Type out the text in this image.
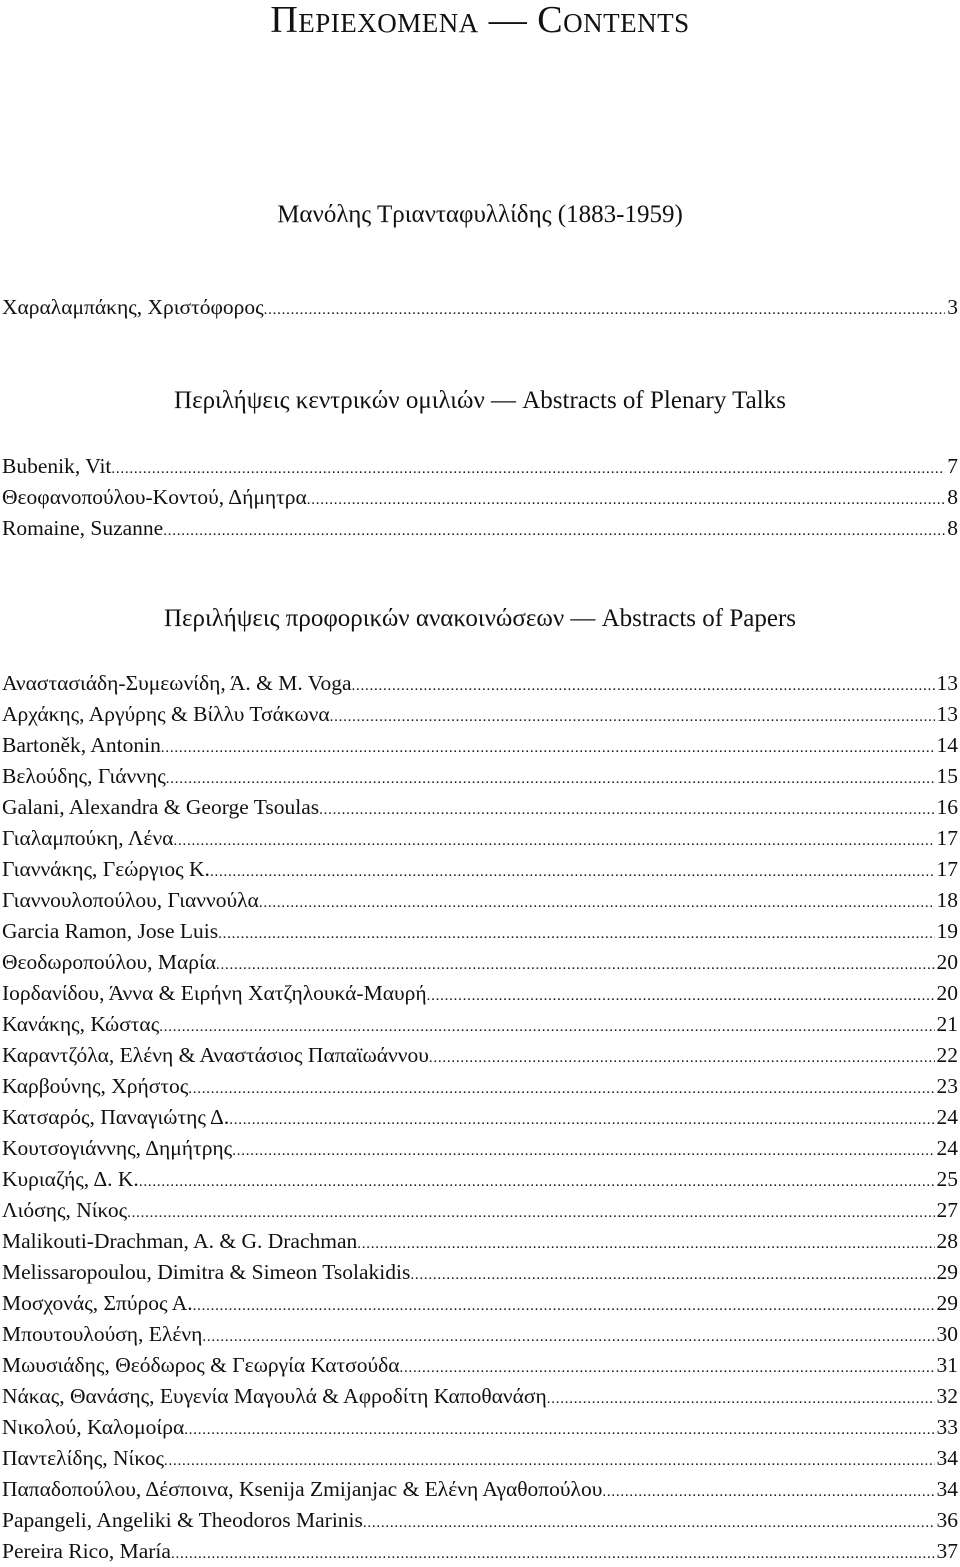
Περιεχομενα — Contents
Μανόλης Τριανταφυλλίδης (1883-1959)
Χαραλαμπάκης, Χριστόφορος . . .	3
Περιλήψεις κεντρικών ομιλιών — Abstracts of Plenary Talks
Bubenik, Vit . . .	7
Θεοφανοπούλου-Κοντού, Δήμητρα . . .	8
Romaine, Suzanne . . .	8
Περιλήψεις προφορικών ανακοινώσεων — Abstracts of Papers
Αναστασιάδη-Συμεωνίδη, Ά. & M. Voga . . .	13
Αρχάκης, Αργύρης & Βίλλυ Τσάκωνα . . .	13
Bartoněk, Antonin . . .	14
Βελούδης, Γιάννης . . .	15
Galani, Alexandra & George Tsoulas . . .	16
Γιαλαμπούκη, Λένα . . .	17
Γιαννάκης, Γεώργιος Κ. . . .	17
Γιαννουλοπούλου, Γιαννούλα . . .	18
Garcia Ramon, Jose Luis . . .	19
Θεοδωροπούλου, Μαρία . . .	20
Ιορδανίδου, Άννα & Ειρήνη Χατζηλουκά-Μαυρή . . .	20
Κανάκης, Κώστας . . .	21
Καραντζόλα, Ελένη & Αναστάσιος Παπαϊωάννου . . .	22
Καρβούνης, Χρήστος . . .	23
Κατσαρός, Παναγιώτης Δ. . . .	24
Κουτσογιάννης, Δημήτρης . . .	24
Κυριαζής, Δ. Κ. . . .	25
Λιόσης, Νίκος . . .	27
Malikouti-Drachman, A. & G. Drachman . . .	28
Melissaropoulou, Dimitra & Simeon Tsolakidis . . .	29
Μοσχονάς, Σπύρος Α. . . .	29
Μπουτουλούση, Ελένη . . .	30
Μωυσιάδης, Θεόδωρος & Γεωργία Κατσούδα . . .	31
Νάκας, Θανάσης, Ευγενία Μαγουλά & Αφροδίτη Καποθανάση . . .	32
Νικολού, Καλομοίρα . . .	33
Παντελίδης, Νίκος . . .	34
Παπαδοπούλου, Δέσποινα, Ksenija Zmijanjac & Ελένη Αγαθοπούλου . . .	34
Papangeli, Angeliki & Theodoros Marinis . . .	36
Pereira Rico, María . . .	37
